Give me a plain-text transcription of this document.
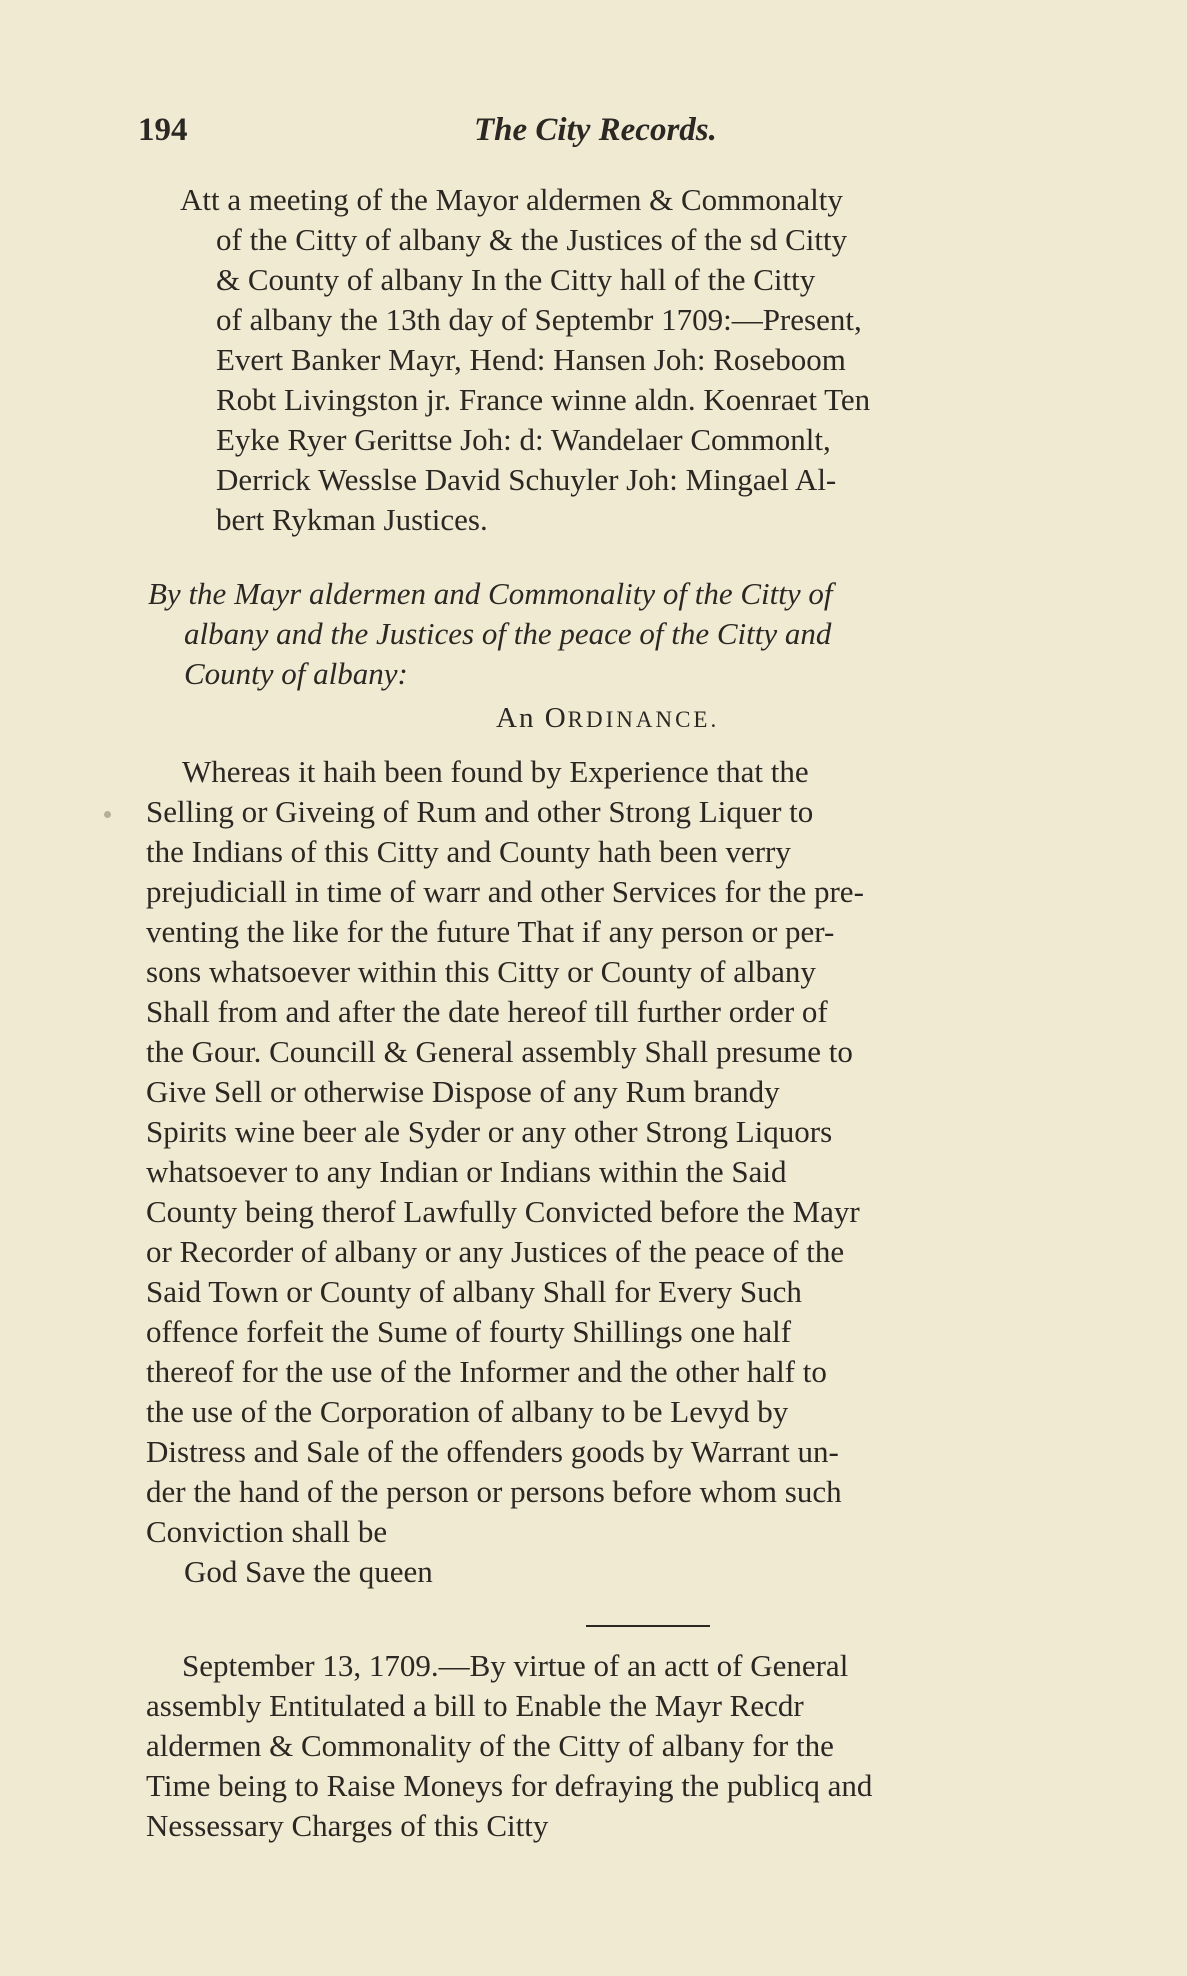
194	The City Records.
Att a meeting of the Mayor aldermen & Commonalty
of the Citty of albany & the Justices of the sd Citty
& County of albany In the Citty hall of the Citty
of albany the 13th day of Septembr 1709:—Present,
Evert Banker Mayr, Hend: Hansen Joh: Roseboom
Robt Livingston jr. France winne aldn. Koenraet Ten
Eyke Ryer Gerittse Joh: d: Wandelaer Commonlt,
Derrick Wesslse David Schuyler Joh: Mingael Al-
bert Rykman Justices.
By the Mayr aldermen and Commonality of the Citty of
albany and the Justices of the peace of the Citty and
County of albany:
An ORDINANCE.
Whereas it haih been found by Experience that the
Selling or Giveing of Rum and other Strong Liquer to
the Indians of this Citty and County hath been verry
prejudiciall in time of warr and other Services for the pre-
venting the like for the future That if any person or per-
sons whatsoever within this Citty or County of albany
Shall from and after the date hereof till further order of
the Gour. Councill & General assembly Shall presume to
Give Sell or otherwise Dispose of any Rum brandy
Spirits wine beer ale Syder or any other Strong Liquors
whatsoever to any Indian or Indians within the Said
County being therof Lawfully Convicted before the Mayr
or Recorder of albany or any Justices of the peace of the
Said Town or County of albany Shall for Every Such
offence forfeit the Sume of fourty Shillings one half
thereof for the use of the Informer and the other half to
the use of the Corporation of albany to be Levyd by
Distress and Sale of the offenders goods by Warrant un-
der the hand of the person or persons before whom such
Conviction shall be
God Save the queen
September 13, 1709.—By virtue of an actt of General
assembly Entitulated a bill to Enable the Mayr Recdr
aldermen & Commonality of the Citty of albany for the
Time being to Raise Moneys for defraying the publicq and
Nessessary Charges of this Citty
